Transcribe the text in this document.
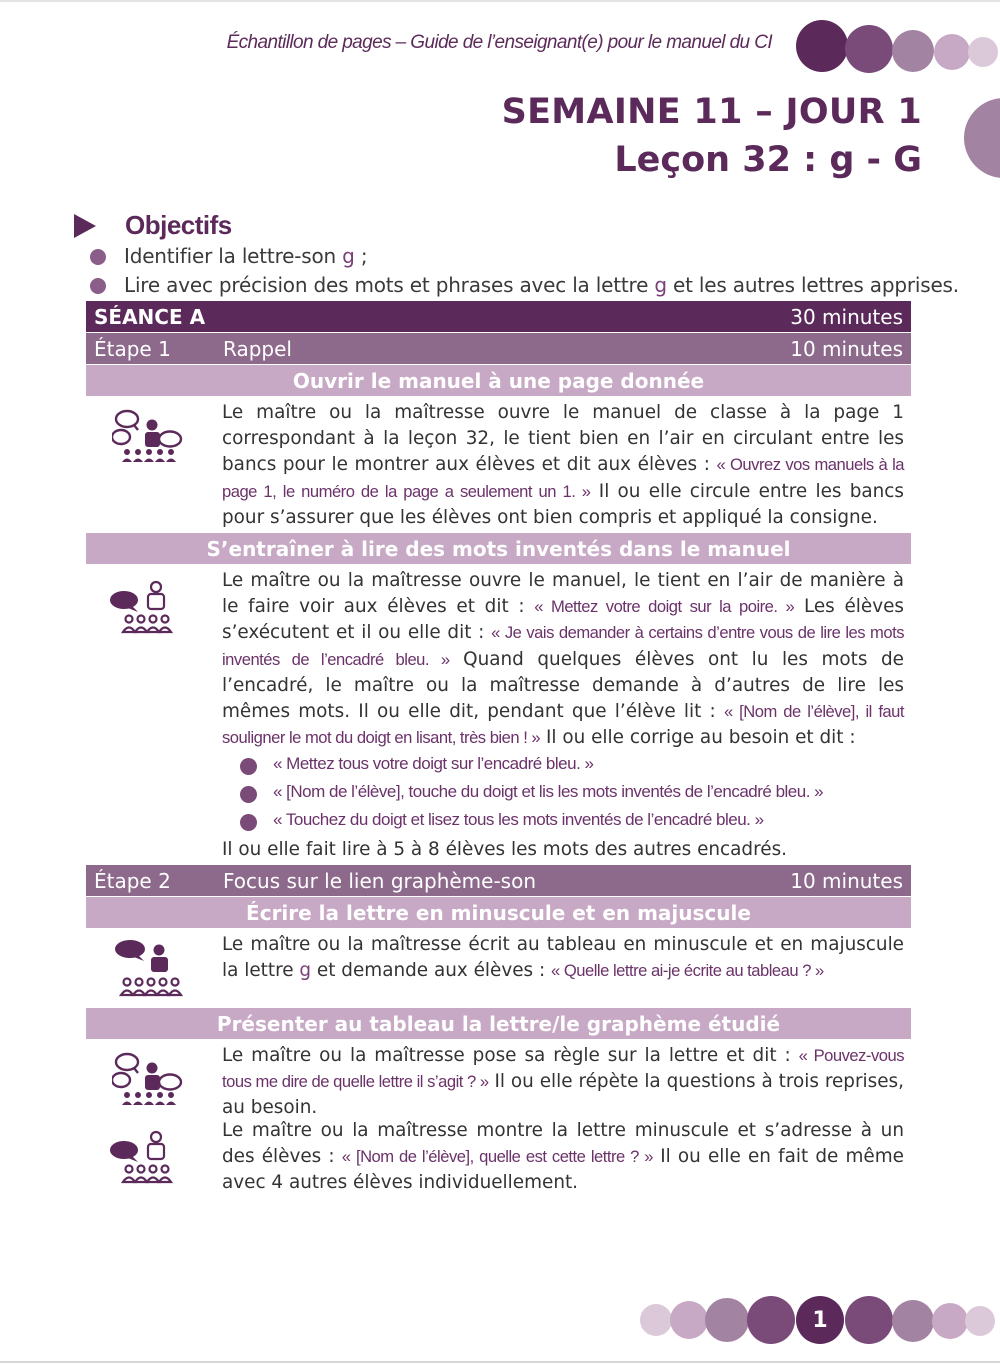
Échantillon de pages – Guide de l’enseignant(e) pour le manuel du CI
SEMAINE 11 – JOUR 1
Leçon 32 : g - G
Objectifs
Identifier la lettre-son g ;
Lire avec précision des mots et phrases avec la lettre g et les autres lettres apprises.
SÉANCE A	30 minutes
Étape 1	Rappel	10 minutes
Ouvrir le manuel à une page donnée
Le maître ou la maîtresse ouvre le manuel de classe à la page 1 correspondant à la leçon 32, le tient bien en l’air en circulant entre les bancs pour le montrer aux élèves et dit aux élèves : « Ouvrez vos manuels à la page 1, le numéro de la page a seulement un 1. » Il ou elle circule entre les bancs pour s’assurer que les élèves ont bien compris et appliqué la consigne.
S’entraîner à lire des mots inventés dans le manuel
Le maître ou la maîtresse ouvre le manuel, le tient en l’air de manière à le faire voir aux élèves et dit : « Mettez votre doigt sur la poire. » Les élèves s’exécutent et il ou elle dit : « Je vais demander à certains d’entre vous de lire les mots inventés de l’encadré bleu. » Quand quelques élèves ont lu les mots de l’encadré, le maître ou la maîtresse demande à d’autres de lire les mêmes mots. Il ou elle dit, pendant que l’élève lit : « [Nom de l’élève], il faut souligner le mot du doigt en lisant, très bien ! » Il ou elle corrige au besoin et dit :
« Mettez tous votre doigt sur l’encadré bleu. »
« [Nom de l’élève], touche du doigt et lis les mots inventés de l’encadré bleu. »
« Touchez du doigt et lisez tous les mots inventés de l’encadré bleu. »
Il ou elle fait lire à 5 à 8 élèves les mots des autres encadrés.
Étape 2	Focus sur le lien graphème-son	10 minutes
Écrire la lettre en minuscule et en majuscule
Le maître ou la maîtresse écrit au tableau en minuscule et en majuscule la lettre g et demande aux élèves : « Quelle lettre ai-je écrite au tableau ? »
Présenter au tableau la lettre/le graphème étudié
Le maître ou la maîtresse pose sa règle sur la lettre et dit : « Pouvez-vous tous me dire de quelle lettre il s’agit ? » Il ou elle répète la questions à trois reprises, au besoin.
Le maître ou la maîtresse montre la lettre minuscule et s’adresse à un des élèves : « [Nom de l’élève], quelle est cette lettre ? » Il ou elle en fait de même avec 4 autres élèves individuellement.
1
